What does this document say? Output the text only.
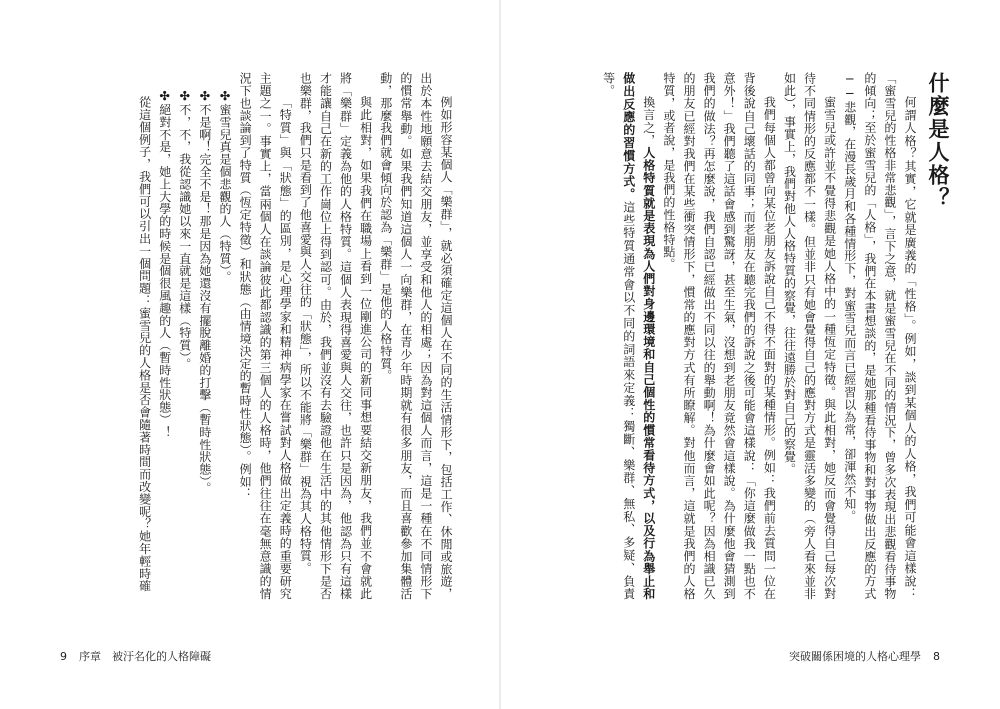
什麼是人格？

何謂人格？其實，它就是廣義的「性格」。例如，談到某個人的人格，我們可能會這樣說：「蜜雪兒的性格非常悲觀」，言下之意，就是蜜雪兒在不同的情況下，曾多次表現出悲觀看待事物的傾向；至於蜜雪兒的「人格」，我們在本書想談的，是她那種看待事物和對事物做出反應的方式──悲觀，在漫長歲月和各種情形下，對蜜雪兒而言已經習以為常，卻渾然不知。

蜜雪兒或許並不覺得悲觀是她人格中的一種恆定特徵。與此相對，她反而會覺得自己每次對待不同情形的反應都不一樣。但並非只有她會覺得自己的應對方式是靈活多變的（旁人看來並非如此），事實上，我們對他人人格特質的察覺，往往遠勝於對自己的察覺。

我們每個人都曾向某位老朋友訴說自己不得不面對的某種情形。例如：我們前去質問一位在背後說自己壞話的同事；而老朋友在聽完我們的訴說之後可能會這樣說：「你這麼做我一點也不意外！」我們聽了這話會感到驚訝，甚至生氣，沒想到老朋友竟然會這樣說。為什麼他會猜測到我們的做法？再怎麼說，我們自認已經做出不同以往的舉動啊！為什麼會如此呢？因為相識已久的朋友已經對我們在某些衝突情形下，慣常的應對方式有所瞭解。對他而言，這就是我們的人格特質，或者說，是我們的性格特點。

換言之，人格特質就是表現為人們對身邊環境和自己個性的慣常看待方式，以及行為舉止和做出反應的習慣方式。這些特質通常會以不同的詞語來定義：獨斷、樂群、無私、多疑、負責等。

突破關係困境的人格心理學 8

例如形容某個人「樂群」，就必須確定這個人在不同的生活情形下，包括工作、休閒或旅遊，出於本性地願意去結交朋友，並享受和他人的相處；因為對這個人而言，這是一種在不同情形下的慣常舉動。如果我們知道這個人一向樂群，在青少年時期就有很多朋友，而且喜歡參加集體活動，那麼我們就會傾向於認為「樂群」是他的人格特質。

與此相對，如果我們在職場上看到一位剛進公司的新同事想要結交新朋友，我們並不會就此將「樂群」定義為他的人格特質。這個人表現得喜愛與人交往，也許只是因為，他認為只有這樣才能讓自己在新的工作崗位上得到認可。由於，我們並沒有去驗證他在生活中的其他情形下是否也樂群，我們只是看到了他喜愛與人交往的「狀態」，所以不能將「樂群」視為其人格特質。

「特質」與「狀態」的區別，是心理學家和精神病學家在嘗試對人格做出定義時的重要研究主題之一。事實上，當兩個人在談論彼此都認識的第三個人的人格時，他們往往在毫無意識的情況下也談論到了特質（恆定特徵）和狀態（由情境決定的暫時性狀態）。例如：

✣蜜雪兒真是個悲觀的人（特質）。

✣不是啊！完全不是！那是因為她還沒有擺脫離婚的打擊（暫時性狀態）。

✣不，不，我從認識她以來一直就是這樣（特質）。

✣絕對不是，她上大學的時候是個很風趣的人（暫時性狀態）！

從這個例子，我們可以引出一個問題：蜜雪兒的人格是否會隨著時間而改變呢？她年輕時確

9 序章　被汙名化的人格障礙
